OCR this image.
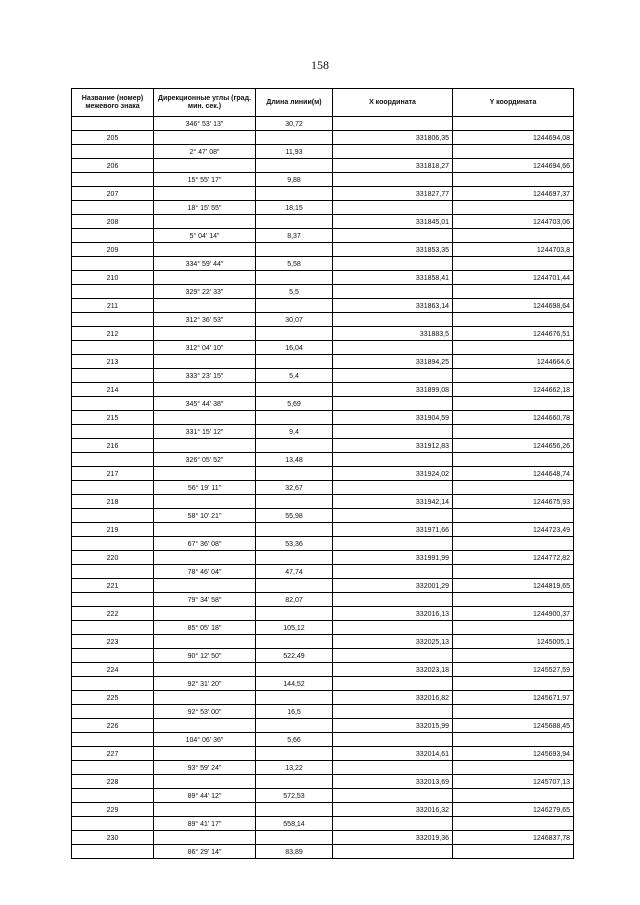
158
Название (номер) межевого знака	Дирекционные углы (град. мин. сек.)	Длина линии(м)	X координата	Y координата
	346° 53' 13"	30,72		
205			331806,35	1244694,08
	2° 47' 08"	11,93		
206			331818,27	1244694,66
	15° 55' 17"	9,88		
207			331827,77	1244697,37
	18° 15' 55"	18,15		
208			331845,01	1244703,06
	5° 04' 14"	8,37		
209			331853,35	1244703,8
	334° 59' 44"	5,58		
210			331858,41	1244701,44
	329° 22' 33"	5,5		
211			331863,14	1244698,64
	312° 36' 53"	30,07		
212			331883,5	1244676,51
	312° 04' 10"	16,04		
213			331894,25	1244664,6
	333° 23' 15"	5,4		
214			331899,08	1244662,18
	345° 44' 38"	5,69		
215			331904,59	1244660,78
	331° 15' 12"	9,4		
216			331912,83	1244656,26
	326° 05' 52"	13,48		
217			331924,02	1244648,74
	56° 19' 11"	32,67		
218			331942,14	1244675,93
	58° 10' 21"	55,98		
219			331971,66	1244723,49
	67° 36' 08"	53,36		
220			331991,99	1244772,82
	78° 46' 04"	47,74		
221			332001,29	1244819,65
	79° 34' 58"	82,07		
222			332016,13	1244900,37
	85° 05' 18"	105,12		
223			332025,13	1245005,1
	90° 12' 50"	522,49		
224			332023,18	1245527,59
	92° 31' 20"	144,52		
225			332016,82	1245671,97
	92° 53' 00"	16,5		
226			332015,99	1245688,45
	104° 06' 36"	5,66		
227			332014,61	1245693,94
	93° 59' 24"	13,22		
228			332013,69	1245707,13
	89° 44' 12"	572,53		
229			332016,32	1246279,65
	89° 41' 17"	558,14		
230			332019,36	1246837,78
	86° 29' 14"	83,89		
